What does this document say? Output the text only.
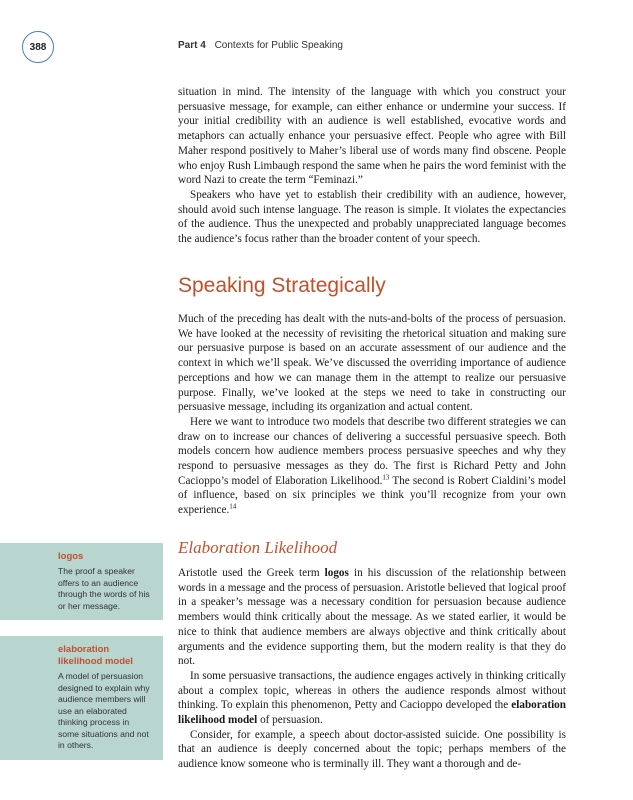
388	Part 4 Contexts for Public Speaking

situation in mind. The intensity of the language with which you construct your persuasive message, for example, can either enhance or undermine your success. If your initial credibility with an audience is well established, evocative words and metaphors can actually enhance your persuasive effect. People who agree with Bill Maher respond positively to Maher’s liberal use of words many find obscene. People who enjoy Rush Limbaugh respond the same when he pairs the word feminist with the word Nazi to create the term “Feminazi.”

Speakers who have yet to establish their credibility with an audience, however, should avoid such intense language. The reason is simple. It violates the expectancies of the audience. Thus the unexpected and probably unappreciated language becomes the audience’s focus rather than the broader content of your speech.

Speaking Strategically

Much of the preceding has dealt with the nuts-and-bolts of the process of persuasion. We have looked at the necessity of revisiting the rhetorical situation and making sure our persuasive purpose is based on an accurate assessment of our audience and the context in which we’ll speak. We’ve discussed the overriding importance of audience perceptions and how we can manage them in the attempt to realize our persuasive purpose. Finally, we’ve looked at the steps we need to take in constructing our persuasive message, including its organization and actual content.

Here we want to introduce two models that describe two different strategies we can draw on to increase our chances of delivering a successful persuasive speech. Both models concern how audience members process persuasive speeches and why they respond to persuasive messages as they do. The first is Richard Petty and John Cacioppo’s model of Elaboration Likelihood.$^{13}$ The second is Robert Cialdini’s model of influence, based on six principles we think you’ll recognize from your own experience.$^{14}$

Elaboration Likelihood

Aristotle used the Greek term logos in his discussion of the relationship between words in a message and the process of persuasion. Aristotle believed that logical proof in a speaker’s message was a necessary condition for persuasion because audience members would think critically about the message. As we stated earlier, it would be nice to think that audience members are always objective and think critically about arguments and the evidence supporting them, but the modern reality is that they do not.

In some persuasive transactions, the audience engages actively in thinking critically about a complex topic, whereas in others the audience responds almost without thinking. To explain this phenomenon, Petty and Cacioppo developed the elaboration likelihood model of persuasion.

Consider, for example, a speech about doctor-assisted suicide. One possibility is that an audience is deeply concerned about the topic; perhaps members of the audience know someone who is terminally ill. They want a thorough and de-

logos

The proof a speaker offers to an audience through the words of his or her message.

elaboration likelihood model

A model of persuasion designed to explain why audience members will use an elaborated thinking process in some situations and not in others.
